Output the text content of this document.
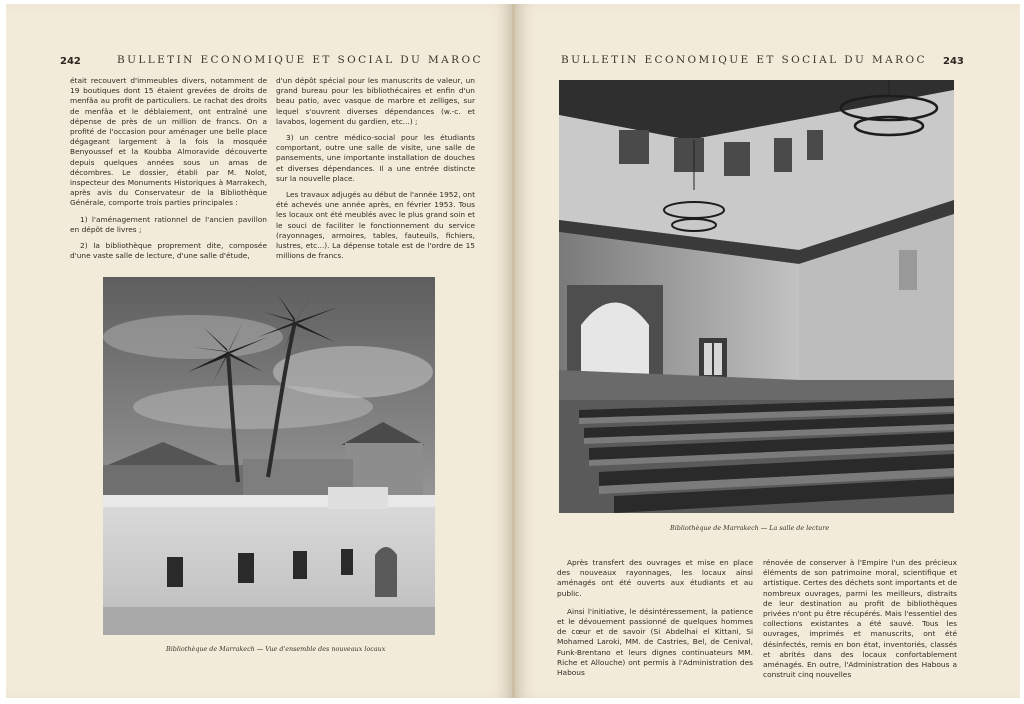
242	BULLETIN ECONOMIQUE ET SOCIAL DU MAROC

était recouvert d'immeubles divers, notamment de 19 boutiques dont 15 étaient grevées de droits de menfâa au profit de particuliers. Le rachat des droits de menfâa et le déblaiement, ont entraîné une dépense de près de un million de francs. On a profité de l'occasion pour aménager une belle place dégageant largement à la fois la mosquée Benyoussef et la Koubba Almoravide découverte depuis quelques années sous un amas de décombres. Le dossier, établi par M. Nolot, inspecteur des Monuments Historiques à Marrakech, après avis du Conservateur de la Bibliothèque Générale, comporte trois parties principales :

1) l'aménagement rationnel de l'ancien pavillon en dépôt de livres ;

2) la bibliothèque proprement dite, composée d'une vaste salle de lecture, d'une salle d'étude,

d'un dépôt spécial pour les manuscrits de valeur, un grand bureau pour les bibliothécaires et enfin d'un beau patio, avec vasque de marbre et zelliges, sur lequel s'ouvrent diverses dépendances (w.-c. et lavabos, logement du gardien, etc...) ;

3) un centre médico-social pour les étudiants comportant, outre une salle de visite, une salle de pansements, une importante installation de douches et diverses dépendances. Il a une entrée distincte sur la nouvelle place.

Les travaux adjugés au début de l'année 1952, ont été achevés une année après, en février 1953. Tous les locaux ont été meublés avec le plus grand soin et le souci de faciliter le fonctionnement du service (rayonnages, armoires, tables, fauteuils, fichiers, lustres, etc...). La dépense totale est de l'ordre de 15 millions de francs.

Bibliothèque de Marrakech — Vue d'ensemble des nouveaux locaux
BULLETIN ECONOMIQUE ET SOCIAL DU MAROC 243
Bibliothèque de Marrakech — La salle de lecture

Après transfert des ouvrages et mise en place des nouveaux rayonnages, les locaux ainsi aménagés ont été ouverts aux étudiants et au public.

Ainsi l'initiative, le désintéressement, la patience et le dévouement passionné de quelques hommes de cœur et de savoir (Si Abdelhai el Kittani, Si Mohamed Laroki, MM. de Castries, Bel, de Cenival, Funk-Brentano et leurs dignes continuateurs MM. Riche et Allouche) ont permis à l'Administration des Habous

rénovée de conserver à l'Empire l'un des précieux éléments de son patrimoine moral, scientifique et artistique. Certes des déchets sont importants et de nombreux ouvrages, parmi les meilleurs, distraits de leur destination au profit de bibliothèques privées n'ont pu être récupérés. Mais l'essentiel des collections existantes a été sauvé. Tous les ouvrages, imprimés et manuscrits, ont été désinfectés, remis en bon état, inventoriés, classés et abrités dans des locaux confortablement aménagés. En outre, l'Administration des Habous a construit cinq nouvelles
